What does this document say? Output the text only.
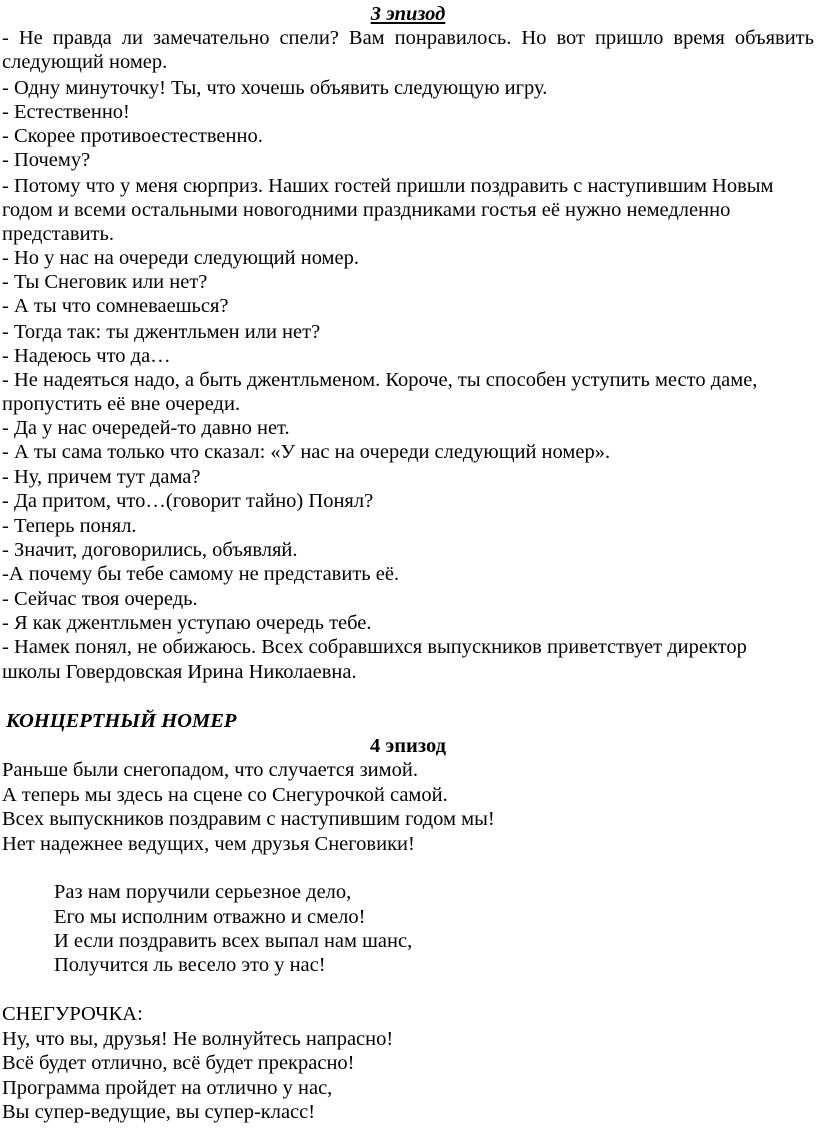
3 эпизод
- Не правда ли замечательно спели? Вам понравилось. Но вот пришло время объявить
следующий номер.
- Одну минуточку! Ты, что хочешь объявить следующую игру.
- Естественно!
- Скорее противоестественно.
- Почему?
- Потому что у меня сюрприз. Наших гостей пришли поздравить с наступившим Новым
годом и всеми остальными новогодними праздниками гостья её нужно немедленно
представить.
- Но у нас на очереди следующий номер.
- Ты Снеговик или нет?
- А ты что сомневаешься?
- Тогда так: ты джентльмен или нет?
- Надеюсь что да…
- Не надеяться надо, а быть джентльменом. Короче, ты способен уступить место даме,
пропустить её вне очереди.
- Да у нас очередей-то давно нет.
- А ты сама только что сказал: «У нас на очереди следующий номер».
- Ну, причем тут дама?
- Да притом, что…(говорит тайно) Понял?
- Теперь понял.
- Значит, договорились, объявляй.
-А почему бы тебе самому не представить её.
- Сейчас твоя очередь.
- Я как джентльмен уступаю очередь тебе.
- Намек понял, не обижаюсь. Всех собравшихся выпускников приветствует директор
школы Говердовская Ирина Николаевна.
КОНЦЕРТНЫЙ НОМЕР
4 эпизод
Раньше были снегопадом, что случается зимой.
А теперь мы здесь на сцене со Снегурочкой самой.
Всех выпускников поздравим с наступившим годом мы!
Нет надежнее ведущих, чем друзья Снеговики!
Раз нам поручили серьезное дело,
Его мы исполним отважно и смело!
И если поздравить всех выпал нам шанс,
Получится ль весело это у нас!
СНЕГУРОЧКА:
Ну, что вы, друзья! Не волнуйтесь напрасно!
Всё будет отлично, всё будет прекрасно!
Программа пройдет на отлично у нас,
Вы супер-ведущие, вы супер-класс!
